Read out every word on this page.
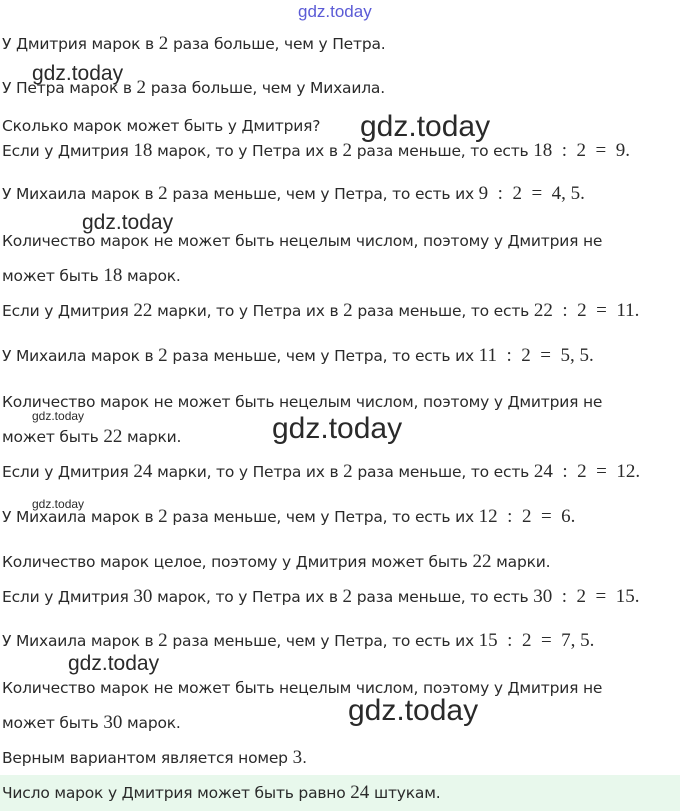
gdz.today
gdz.today
gdz.today
gdz.today
gdz.today	gdz.today
gdz.today
gdz.today
gdz.today
У Дмитрия марок в 2 раза больше, чем у Петра.
У Петра марок в 2 раза больше, чем у Михаила.
Сколько марок может быть у Дмитрия?
Если у Дмитрия 18 марок, то у Петра их в 2 раза меньше, то есть 18  :  2  =  9.
У Михаила марок в 2 раза меньше, чем у Петра, то есть их 9  :  2  =  4, 5.
Количество марок не может быть нецелым числом, поэтому у Дмитрия не
может быть 18 марок.
Если у Дмитрия 22 марки, то у Петра их в 2 раза меньше, то есть 22  :  2  =  11.
У Михаила марок в 2 раза меньше, чем у Петра, то есть их 11  :  2  =  5, 5.
Количество марок не может быть нецелым числом, поэтому у Дмитрия не
может быть 22 марки.
Если у Дмитрия 24 марки, то у Петра их в 2 раза меньше, то есть 24  :  2  =  12.
У Михаила марок в 2 раза меньше, чем у Петра, то есть их 12  :  2  =  6.
Количество марок целое, поэтому у Дмитрия может быть 22 марки.
Если у Дмитрия 30 марок, то у Петра их в 2 раза меньше, то есть 30  :  2  =  15.
У Михаила марок в 2 раза меньше, чем у Петра, то есть их 15  :  2  =  7, 5.
Количество марок не может быть нецелым числом, поэтому у Дмитрия не
может быть 30 марок.
Верным вариантом является номер 3.
Число марок у Дмитрия может быть равно 24 штукам.
